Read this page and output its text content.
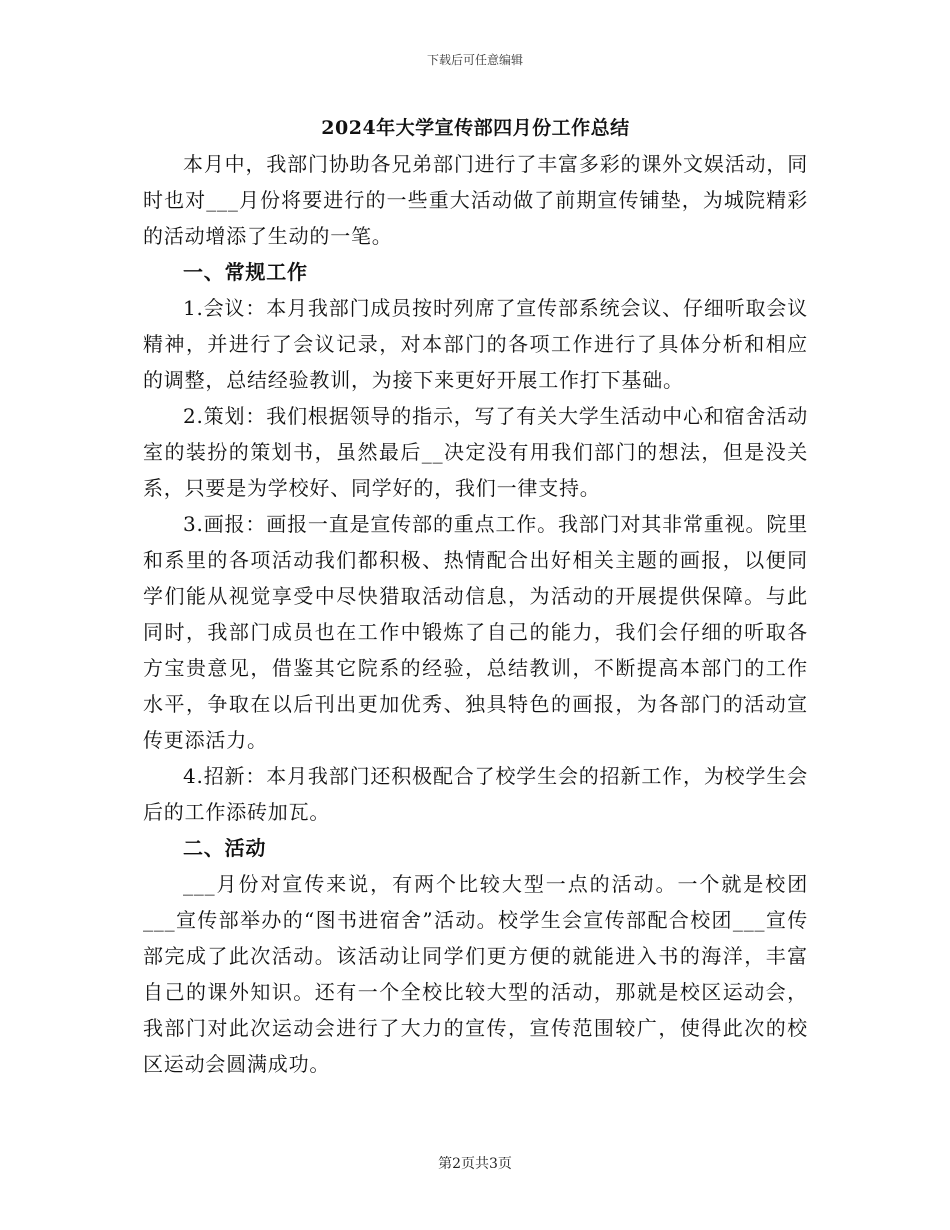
下载后可任意编辑
2024年大学宣传部四月份工作总结

本月中，我部门协助各兄弟部门进行了丰富多彩的课外文娱活动，同时也对___月份将要进行的一些重大活动做了前期宣传铺垫，为城院精彩的活动增添了生动的一笔。

一、常规工作

1.会议：本月我部门成员按时列席了宣传部系统会议、仔细听取会议精神，并进行了会议记录，对本部门的各项工作进行了具体分析和相应的调整，总结经验教训，为接下来更好开展工作打下基础。

2.策划：我们根据领导的指示，写了有关大学生活动中心和宿舍活动室的装扮的策划书，虽然最后__决定没有用我们部门的想法，但是没关系，只要是为学校好、同学好的，我们一律支持。

3.画报：画报一直是宣传部的重点工作。我部门对其非常重视。院里和系里的各项活动我们都积极、热情配合出好相关主题的画报，以便同学们能从视觉享受中尽快猎取活动信息，为活动的开展提供保障。与此同时，我部门成员也在工作中锻炼了自己的能力，我们会仔细的听取各方宝贵意见，借鉴其它院系的经验，总结教训，不断提高本部门的工作水平，争取在以后刊出更加优秀、独具特色的画报，为各部门的活动宣传更添活力。

4.招新：本月我部门还积极配合了校学生会的招新工作，为校学生会后的工作添砖加瓦。

二、活动

___月份对宣传来说，有两个比较大型一点的活动。一个就是校团___宣传部举办的“图书进宿舍”活动。校学生会宣传部配合校团___宣传部完成了此次活动。该活动让同学们更方便的就能进入书的海洋，丰富自己的课外知识。还有一个全校比较大型的活动，那就是校区运动会，我部门对此次运动会进行了大力的宣传，宣传范围较广，使得此次的校区运动会圆满成功。

第2页共3页
